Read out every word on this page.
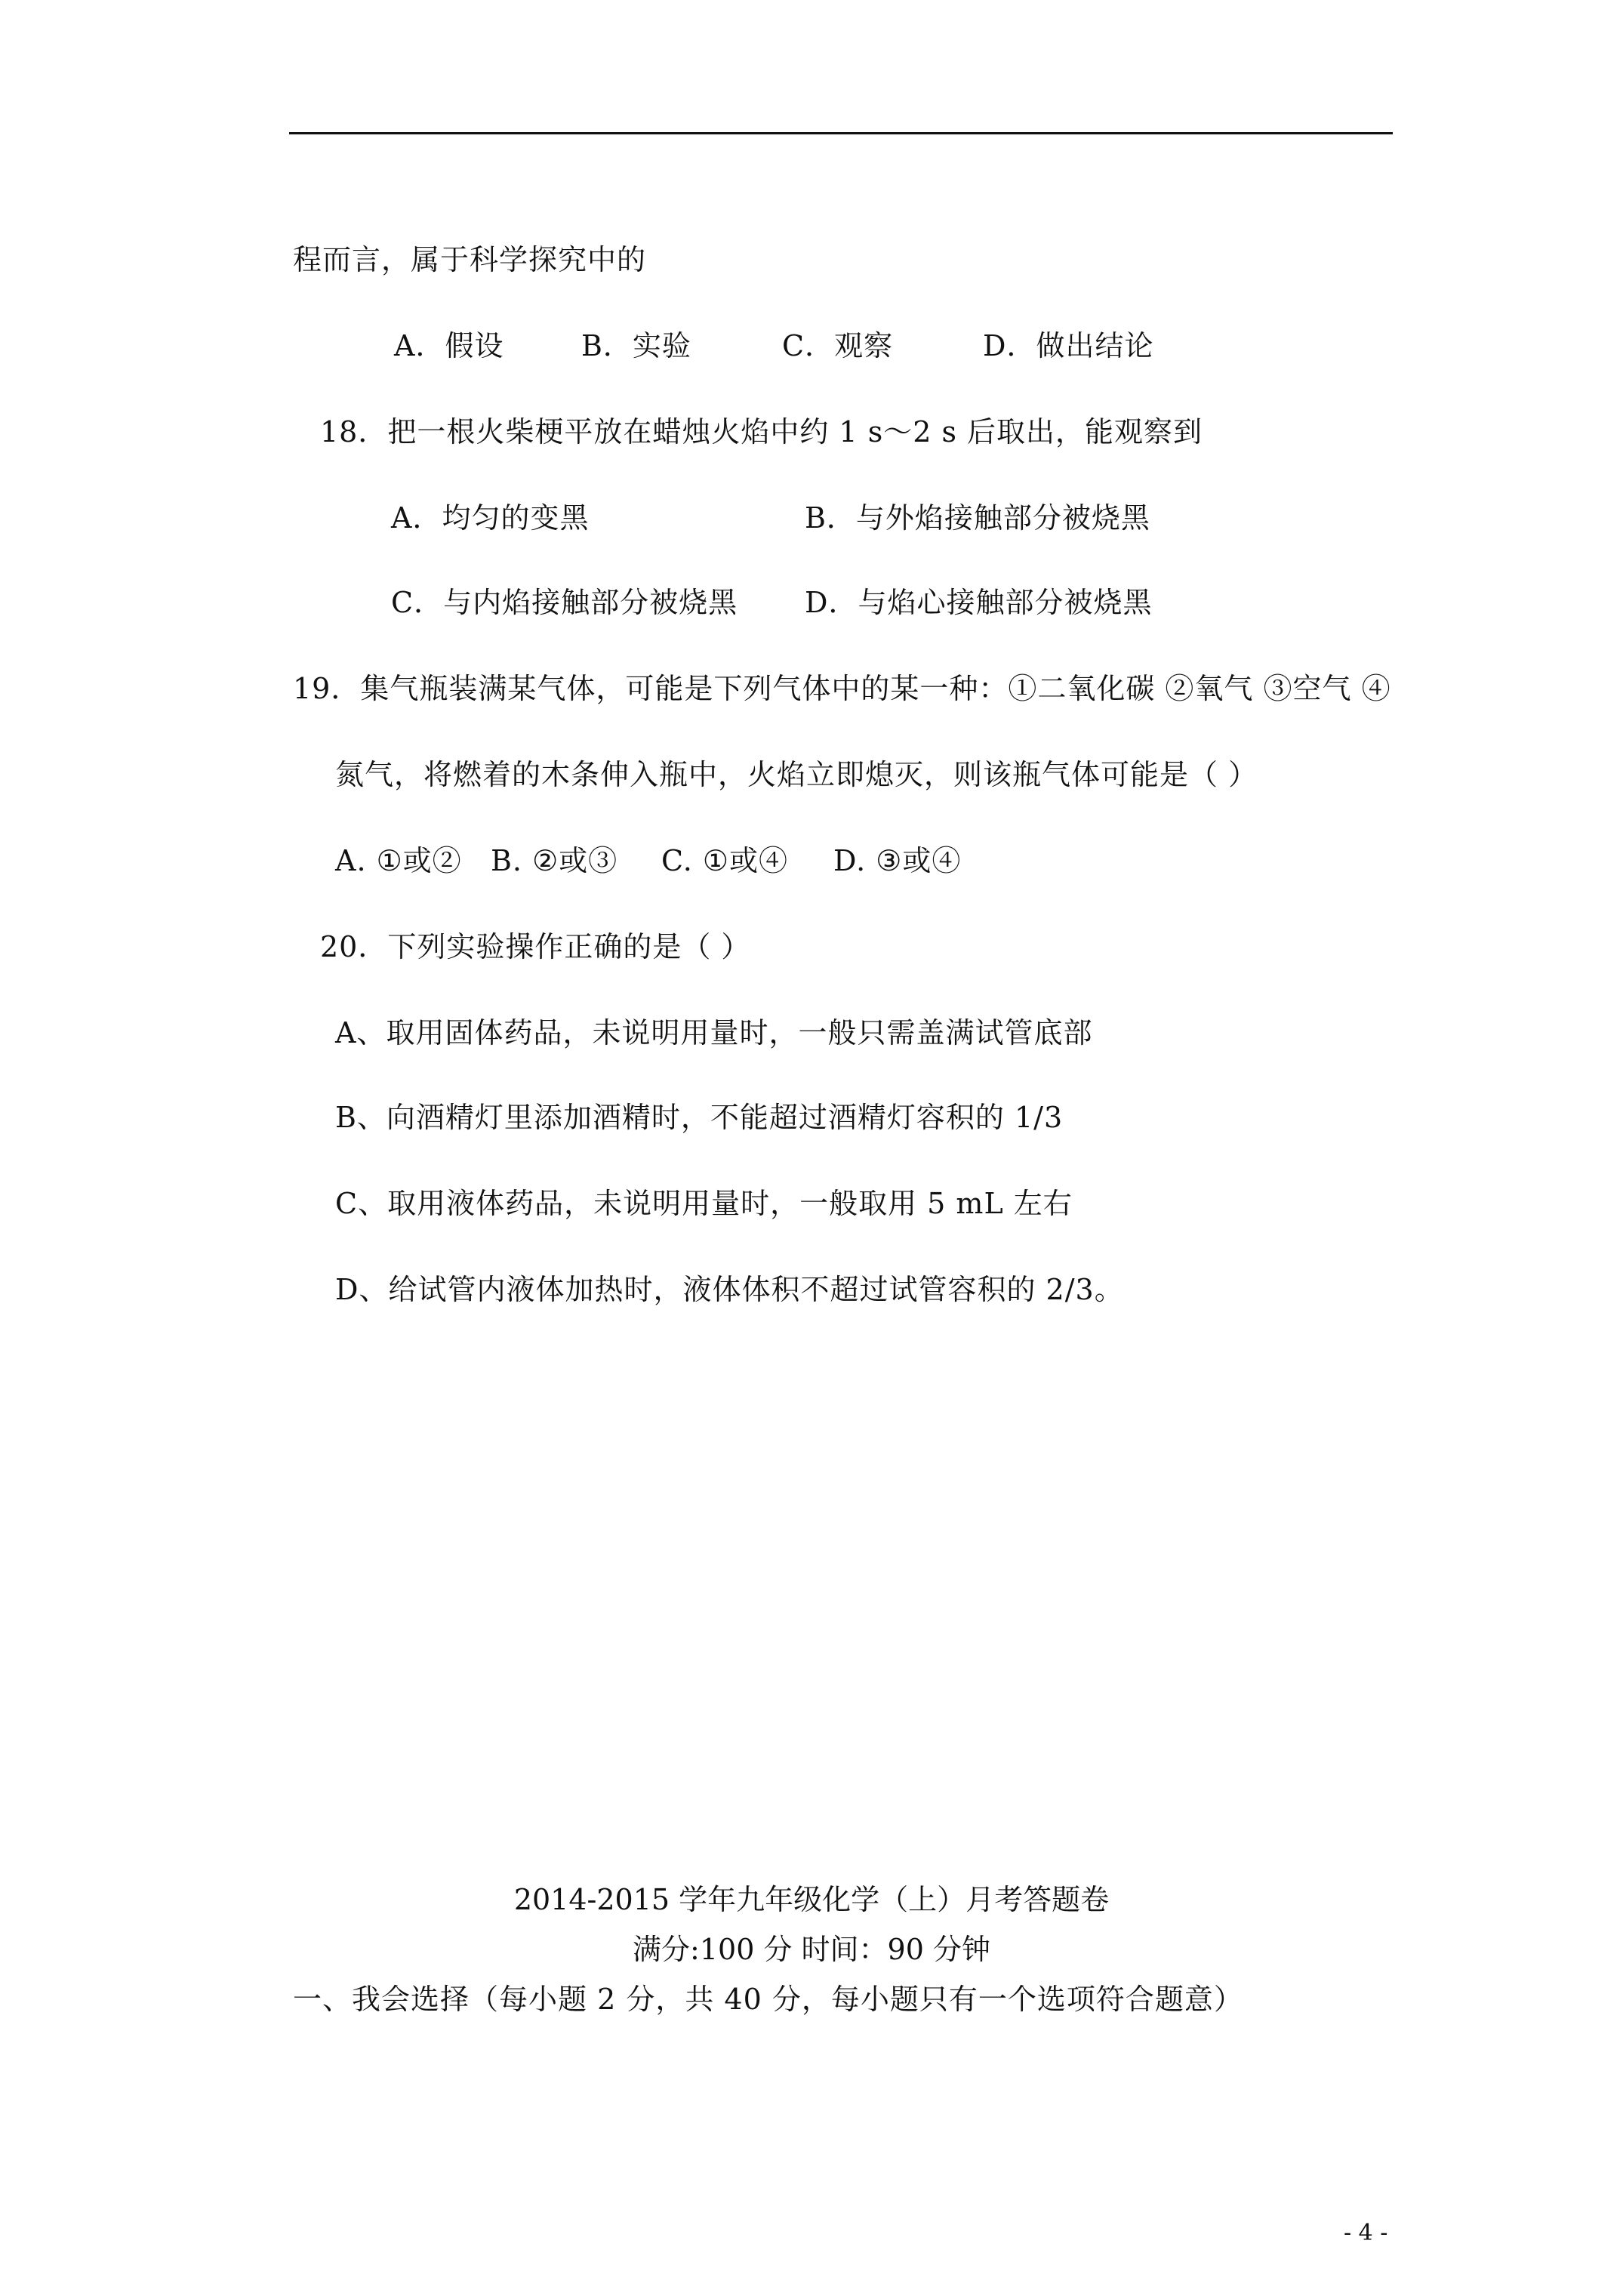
程而言，属于科学探究中的
A．假设	B．实验	C．观察	D．做出结论
18．把一根火柴梗平放在蜡烛火焰中约 1 s～2 s 后取出，能观察到
A．均匀的变黑	B．与外焰接触部分被烧黑
C．与内焰接触部分被烧黑 D．与焰心接触部分被烧黑
19．集气瓶装满某气体，可能是下列气体中的某一种：①二氧化碳 ②氧气 ③空气 ④
氮气，将燃着的木条伸入瓶中，火焰立即熄灭，则该瓶气体可能是（ ）
A. ①或② B. ②或③ C. ①或④ D. ③或④
20．下列实验操作正确的是（ ）
A、取用固体药品，未说明用量时，一般只需盖满试管底部
B、向酒精灯里添加酒精时，不能超过酒精灯容积的 1/3
C、取用液体药品，未说明用量时，一般取用 5 mL 左右
D、给试管内液体加热时，液体体积不超过试管容积的 2/3。
2014-2015 学年九年级化学（上）月考答题卷
满分:100 分 时间：90 分钟
一、我会选择（每小题 2 分，共 40 分，每小题只有一个选项符合题意）
- 4 -
